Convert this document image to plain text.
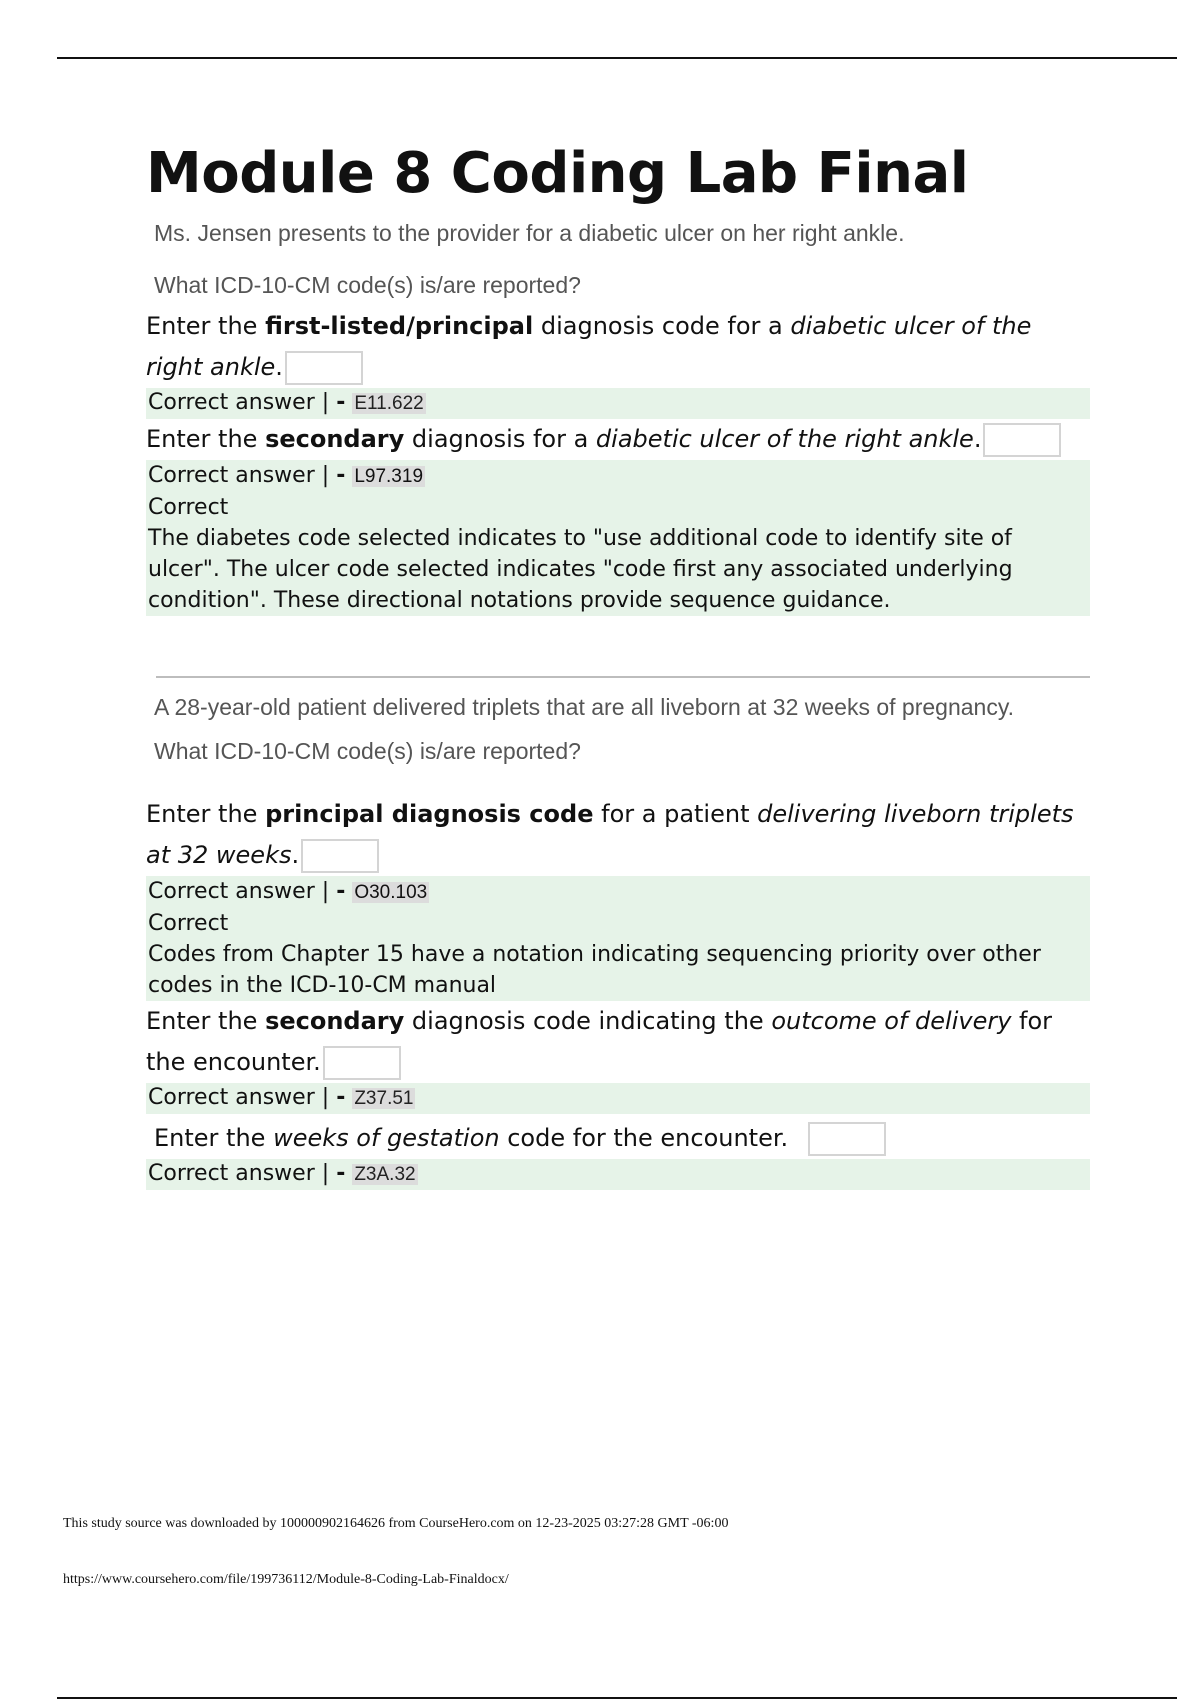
Module 8 Coding Lab Final

Ms. Jensen presents to the provider for a diabetic ulcer on her right ankle.

What ICD-10-CM code(s) is/are reported?

Enter the first-listed/principal diagnosis code for a diabetic ulcer of the right ankle.

Correct answer | - E11.622

Enter the secondary diagnosis for a diabetic ulcer of the right ankle.

Correct answer | - L97.319
Correct
The diabetes code selected indicates to "use additional code to identify site of ulcer". The ulcer code selected indicates "code first any associated underlying condition". These directional notations provide sequence guidance.

A 28-year-old patient delivered triplets that are all liveborn at 32 weeks of pregnancy.

What ICD-10-CM code(s) is/are reported?

Enter the principal diagnosis code for a patient delivering liveborn triplets at 32 weeks.

Correct answer | - O30.103
Correct
Codes from Chapter 15 have a notation indicating sequencing priority over other codes in the ICD-10-CM manual

Enter the secondary diagnosis code indicating the outcome of delivery for the encounter.

Correct answer | - Z37.51

Enter the weeks of gestation code for the encounter.

Correct answer | - Z3A.32
This study source was downloaded by 100000902164626 from CourseHero.com on 12-23-2025 03:27:28 GMT -06:00
https://www.coursehero.com/file/199736112/Module-8-Coding-Lab-Finaldocx/
